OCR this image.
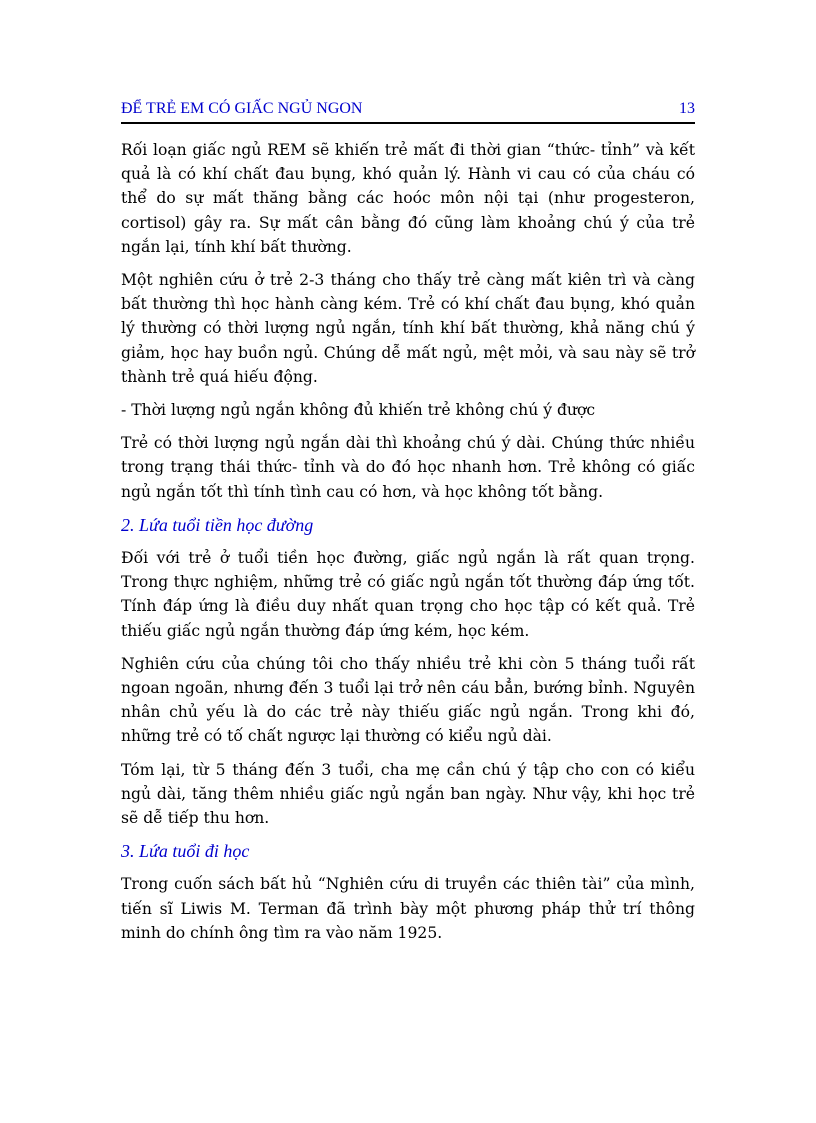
ĐỂ TRẺ EM CÓ GIẤC NGỦ NGON	13

Rối loạn giấc ngủ REM sẽ khiến trẻ mất đi thời gian “thức- tỉnh” và kết quả là có khí chất đau bụng, khó quản lý. Hành vi cau có của cháu có thể do sự mất thăng bằng các hoóc môn nội tại (như progesteron, cortisol) gây ra. Sự mất cân bằng đó cũng làm khoảng chú ý của trẻ ngắn lại, tính khí bất thường.

Một nghiên cứu ở trẻ 2-3 tháng cho thấy trẻ càng mất kiên trì và càng bất thường thì học hành càng kém. Trẻ có khí chất đau bụng, khó quản lý thường có thời lượng ngủ ngắn, tính khí bất thường, khả năng chú ý giảm, học hay buồn ngủ. Chúng dễ mất ngủ, mệt mỏi, và sau này sẽ trở thành trẻ quá hiếu động.

- Thời lượng ngủ ngắn không đủ khiến trẻ không chú ý được

Trẻ có thời lượng ngủ ngắn dài thì khoảng chú ý dài. Chúng thức nhiều trong trạng thái thức- tỉnh và do đó học nhanh hơn. Trẻ không có giấc ngủ ngắn tốt thì tính tình cau có hơn, và học không tốt bằng.

2. Lứa tuổi tiền học đường

Đối với trẻ ở tuổi tiền học đường, giấc ngủ ngắn là rất quan trọng. Trong thực nghiệm, những trẻ có giấc ngủ ngắn tốt thường đáp ứng tốt. Tính đáp ứng là điều duy nhất quan trọng cho học tập có kết quả. Trẻ thiếu giấc ngủ ngắn thường đáp ứng kém, học kém.

Nghiên cứu của chúng tôi cho thấy nhiều trẻ khi còn 5 tháng tuổi rất ngoan ngoãn, nhưng đến 3 tuổi lại trở nên cáu bẳn, bướng bỉnh. Nguyên nhân chủ yếu là do các trẻ này thiếu giấc ngủ ngắn. Trong khi đó, những trẻ có tố chất ngược lại thường có kiểu ngủ dài.

Tóm lại, từ 5 tháng đến 3 tuổi, cha mẹ cần chú ý tập cho con có kiểu ngủ dài, tăng thêm nhiều giấc ngủ ngắn ban ngày. Như vậy, khi học trẻ sẽ dễ tiếp thu hơn.

3. Lứa tuổi đi học

Trong cuốn sách bất hủ “Nghiên cứu di truyền các thiên tài” của mình, tiến sĩ Liwis M. Terman đã trình bày một phương pháp thử trí thông minh do chính ông tìm ra vào năm 1925.
